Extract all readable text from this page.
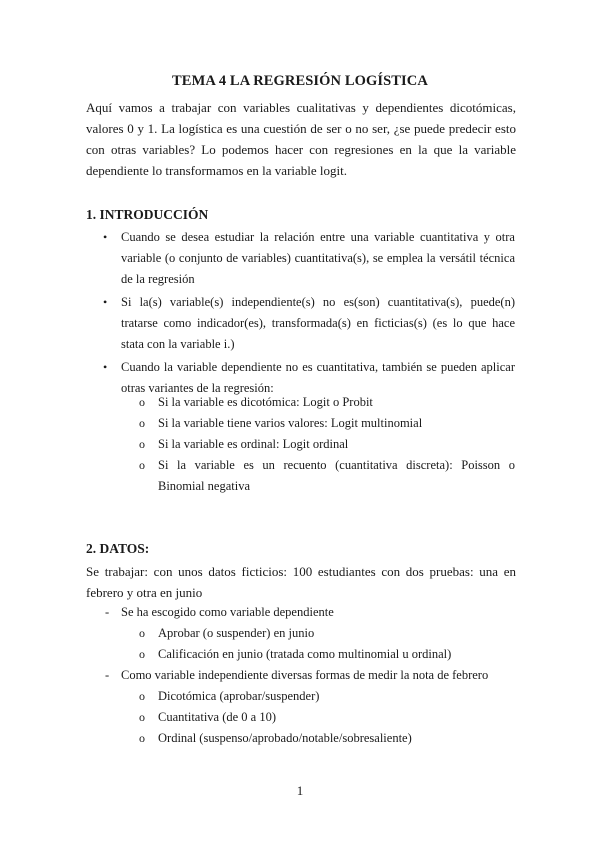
TEMA 4 LA REGRESIÓN LOGÍSTICA
Aquí vamos a trabajar con variables cualitativas y dependientes dicotómicas, valores 0 y 1. La logística es una cuestión de ser o no ser, ¿se puede predecir esto con otras variables? Lo podemos hacer con regresiones en la que la variable dependiente lo transformamos en la variable logit.
1. INTRODUCCIÓN
• Cuando se desea estudiar la relación entre una variable cuantitativa y otra variable (o conjunto de variables) cuantitativa(s), se emplea la versátil técnica de la regresión
• Si la(s) variable(s) independiente(s) no es(son) cuantitativa(s), puede(n) tratarse como indicador(es), transformada(s) en ficticias(s) (es lo que hace stata con la variable i.)
• Cuando la variable dependiente no es cuantitativa, también se pueden aplicar otras variantes de la regresión:
o Si la variable es dicotómica: Logit o Probit
o Si la variable tiene varios valores: Logit multinomial
o Si la variable es ordinal: Logit ordinal
o Si la variable es un recuento (cuantitativa discreta): Poisson o Binomial negativa
2. DATOS:
Se trabajar: con unos datos ficticios: 100 estudiantes con dos pruebas: una en febrero y otra en junio
- Se ha escogido como variable dependiente
o Aprobar (o suspender) en junio
o Calificación en junio (tratada como multinomial u ordinal)
- Como variable independiente diversas formas de medir la nota de febrero
o Dicotómica (aprobar/suspender)
o Cuantitativa (de 0 a 10)
o Ordinal (suspenso/aprobado/notable/sobresaliente)
1
